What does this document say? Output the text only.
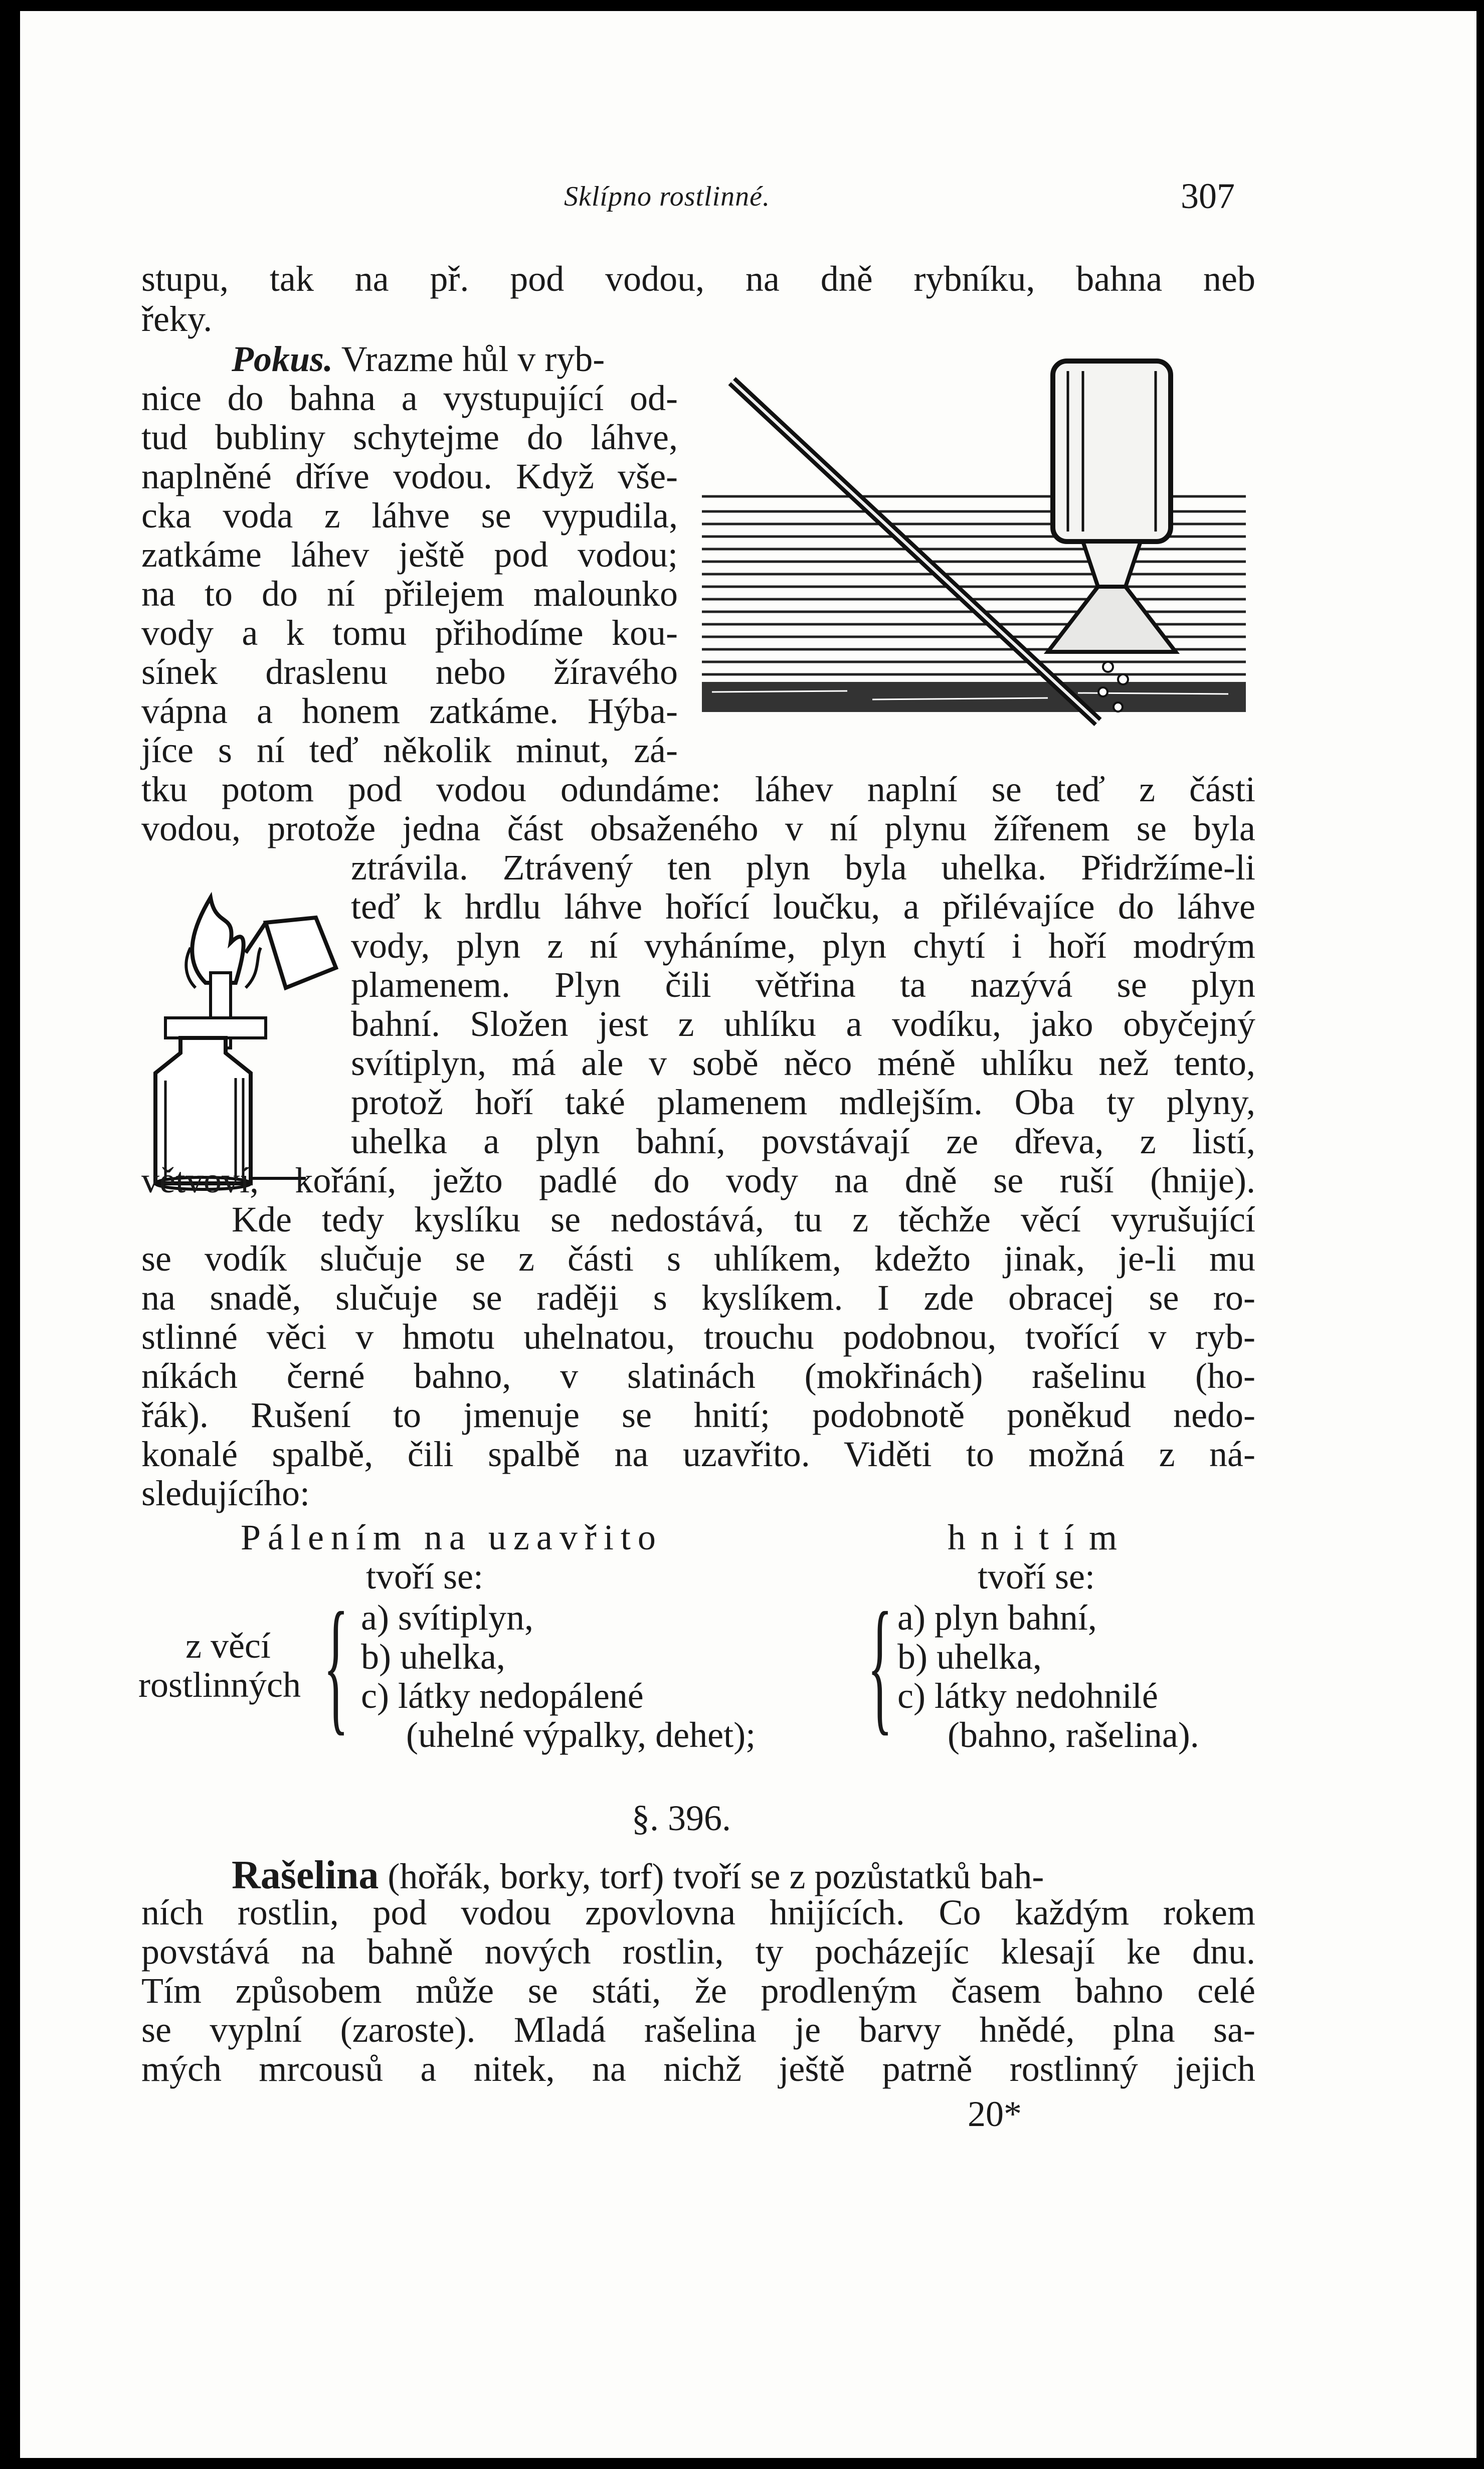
Sklípno rostlinné.	307
stupu, tak na př. pod vodou, na dně rybníku, bahna neb
řeky.
Pokus. Vrazme hůl v ryb-
nice do bahna a vystupující od-
tud bubliny schytejme do láhve,
naplněné dříve vodou. Když vše-
cka voda z láhve se vypudila,
zatkáme láhev ještě pod vodou;
na to do ní přilejem malounko
vody a k tomu přihodíme kou-
sínek draslenu nebo žíravého
vápna a honem zatkáme. Hýba-
jíce s ní teď několik minut, zá-
tku potom pod vodou odundáme: láhev naplní se teď z části
vodou, protože jedna část obsaženého v ní plynu žířenem se byla
ztrávila. Ztrávený ten plyn byla uhelka. Přidržíme-li
teď k hrdlu láhve hořící loučku, a přilévajíce do láhve
vody, plyn z ní vyháníme, plyn chytí i hoří modrým
plamenem. Plyn čili větřina ta nazývá se plyn
bahní. Složen jest z uhlíku a vodíku, jako obyčejný
svítiplyn, má ale v sobě něco méně uhlíku než tento,
protož hoří také plamenem mdlejším. Oba ty plyny,
uhelka a plyn bahní, povstávají ze dřeva, z listí,
větvoví, kořání, ježto padlé do vody na dně se ruší (hnije).
Kde tedy kyslíku se nedostává, tu z těchže věcí vyrušující
se vodík slučuje se z části s uhlíkem, kdežto jinak, je-li mu
na snadě, slučuje se raději s kyslíkem. I zde obracej se ro-
stlinné věci v hmotu uhelnatou, trouchu podobnou, tvořící v ryb-
níkách černé bahno, v slatinách (mokřinách) rašelinu (ho-
řák). Rušení to jmenuje se hnití; podobnotě poněkud nedo-
konalé spalbě, čili spalbě na uzavřito. Viděti to možná z ná-
sledujícího:
Pálením na uzavřito
tvoří se:
hnitím
tvoří se:
z věcí
rostlinných { a) svítiplyn,
b) uhelka,
c) látky nedopálené
(uhelné výpalky, dehet); { a) plyn bahní,
b) uhelka,
c) látky nedohnilé
(bahno, rašelina).
§. 396.
Rašelina (hořák, borky, torf) tvoří se z pozůstatků bah-
ních rostlin, pod vodou zpovlovna hnijících. Co každým rokem
povstává na bahně nových rostlin, ty pocházejíc klesají ke dnu.
Tím způsobem může se státi, že prodleným časem bahno celé
se vyplní (zaroste). Mladá rašelina je barvy hnědé, plna sa-
mých mrcousů a nitek, na nichž ještě patrně rostlinný jejich
20*
